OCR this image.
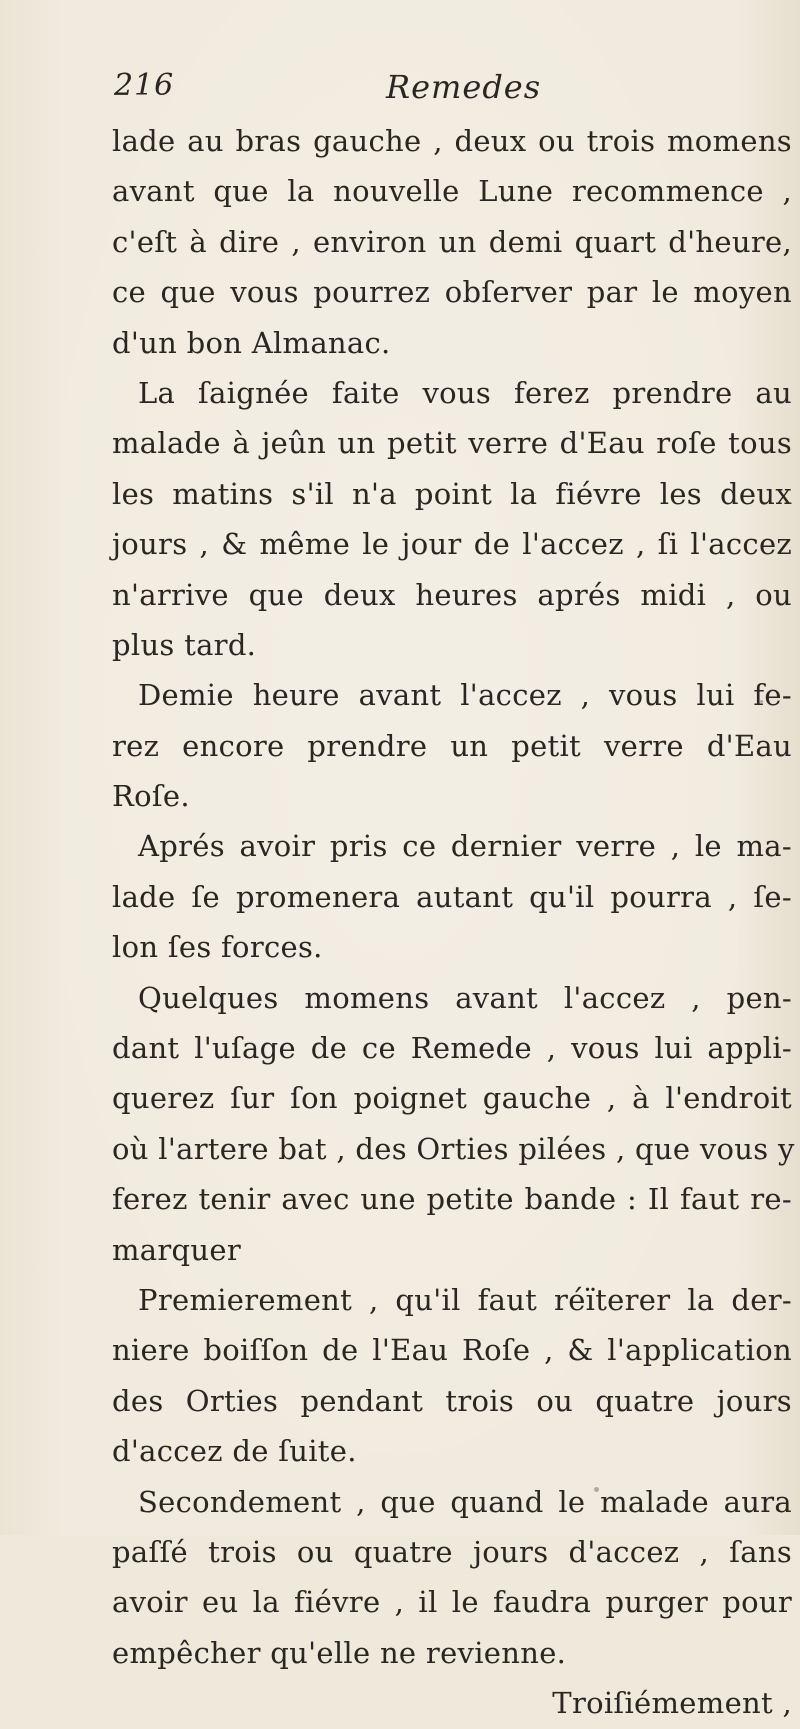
216	Remedes
lade au bras gauche , deux ou trois momens
avant que la nouvelle Lune recommence ,
c'eſt à dire , environ un demi quart d'heure,
ce que vous pourrez obſerver par le moyen
d'un bon Almanac.
La ſaignée faite vous ferez prendre au
malade à jeûn un petit verre d'Eau roſe tous
les matins s'il n'a point la fiévre les deux
jours , & même le jour de l'accez , ſi l'accez
n'arrive que deux heures aprés midi , ou
plus tard.
Demie heure avant l'accez , vous lui fe-
rez encore prendre un petit verre d'Eau
Roſe.
Aprés avoir pris ce dernier verre , le ma-
lade ſe promenera autant qu'il pourra , ſe-
lon ſes forces.
Quelques momens avant l'accez , pen-
dant l'uſage de ce Remede , vous lui appli-
querez ſur ſon poignet gauche , à l'endroit
où l'artere bat , des Orties pilées , que vous y
ferez tenir avec une petite bande : Il faut re-
marquer
Premierement , qu'il faut réïterer la der-
niere boiſſon de l'Eau Roſe , & l'application
des Orties pendant trois ou quatre jours
d'accez de ſuite.
Secondement , que quand le malade aura
paſſé trois ou quatre jours d'accez , ſans
avoir eu la fiévre , il le faudra purger pour
empêcher qu'elle ne revienne.
Troiſiémement ,
